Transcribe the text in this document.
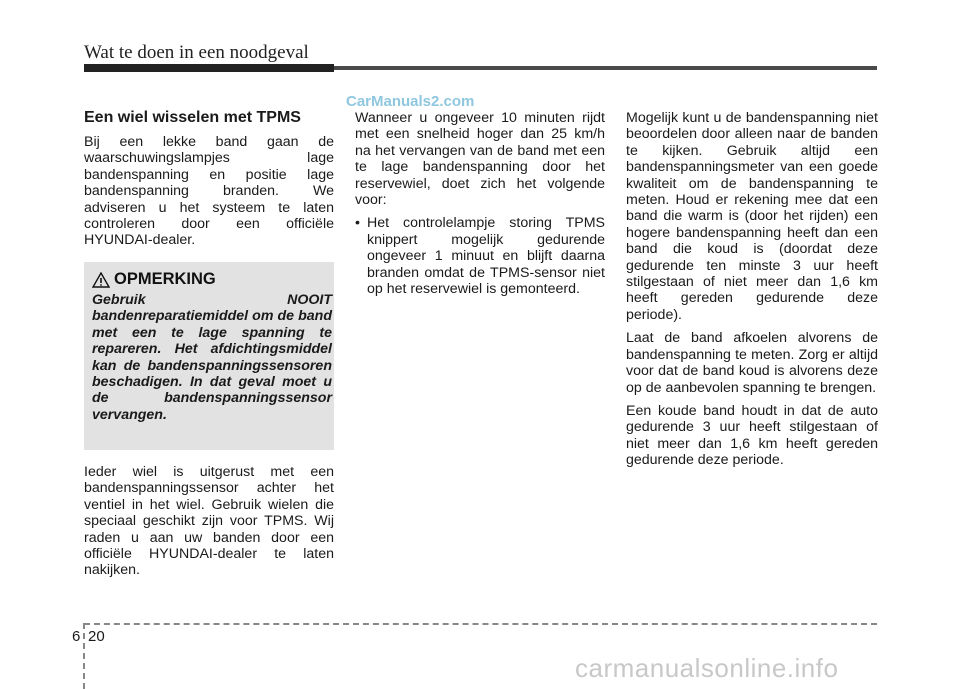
Wat te doen in een noodgeval
CarManuals2.com
Een wiel wisselen met TPMS

Bij een lekke band gaan de waarschuwingslampjes lage bandenspanning en positie lage bandenspanning branden. We adviseren u het systeem te laten controleren door een officiële HYUNDAI-dealer.

OPMERKING
Gebruik NOOIT bandenreparatiemiddel om de band met een te lage spanning te repareren. Het afdichtingsmiddel kan de bandenspanningssensoren beschadigen. In dat geval moet u de bandenspanningssensor vervangen.
Ieder wiel is uitgerust met een bandenspanningssensor achter het ventiel in het wiel. Gebruik wielen die speciaal geschikt zijn voor TPMS. Wij raden u aan uw banden door een officiële HYUNDAI-dealer te laten nakijken.

Wanneer u ongeveer 10 minuten rijdt met een snelheid hoger dan 25 km/h na het vervangen van de band met een te lage bandenspanning door het reservewiel, doet zich het volgende voor:

• Het controlelampje storing TPMS knippert mogelijk gedurende ongeveer 1 minuut en blijft daarna branden omdat de TPMS-sensor niet op het reservewiel is gemonteerd.

Mogelijk kunt u de bandenspanning niet beoordelen door alleen naar de banden te kijken. Gebruik altijd een bandenspanningsmeter van een goede kwaliteit om de bandenspanning te meten. Houd er rekening mee dat een band die warm is (door het rijden) een hogere bandenspanning heeft dan een band die koud is (doordat deze gedurende ten minste 3 uur heeft stilgestaan of niet meer dan 1,6 km heeft gereden gedurende deze periode).

Laat de band afkoelen alvorens de bandenspanning te meten. Zorg er altijd voor dat de band koud is alvorens deze op de aanbevolen spanning te brengen.

Een koude band houdt in dat de auto gedurende 3 uur heeft stilgestaan of niet meer dan 1,6 km heeft gereden gedurende deze periode.

6 20
carmanualsonline.info
